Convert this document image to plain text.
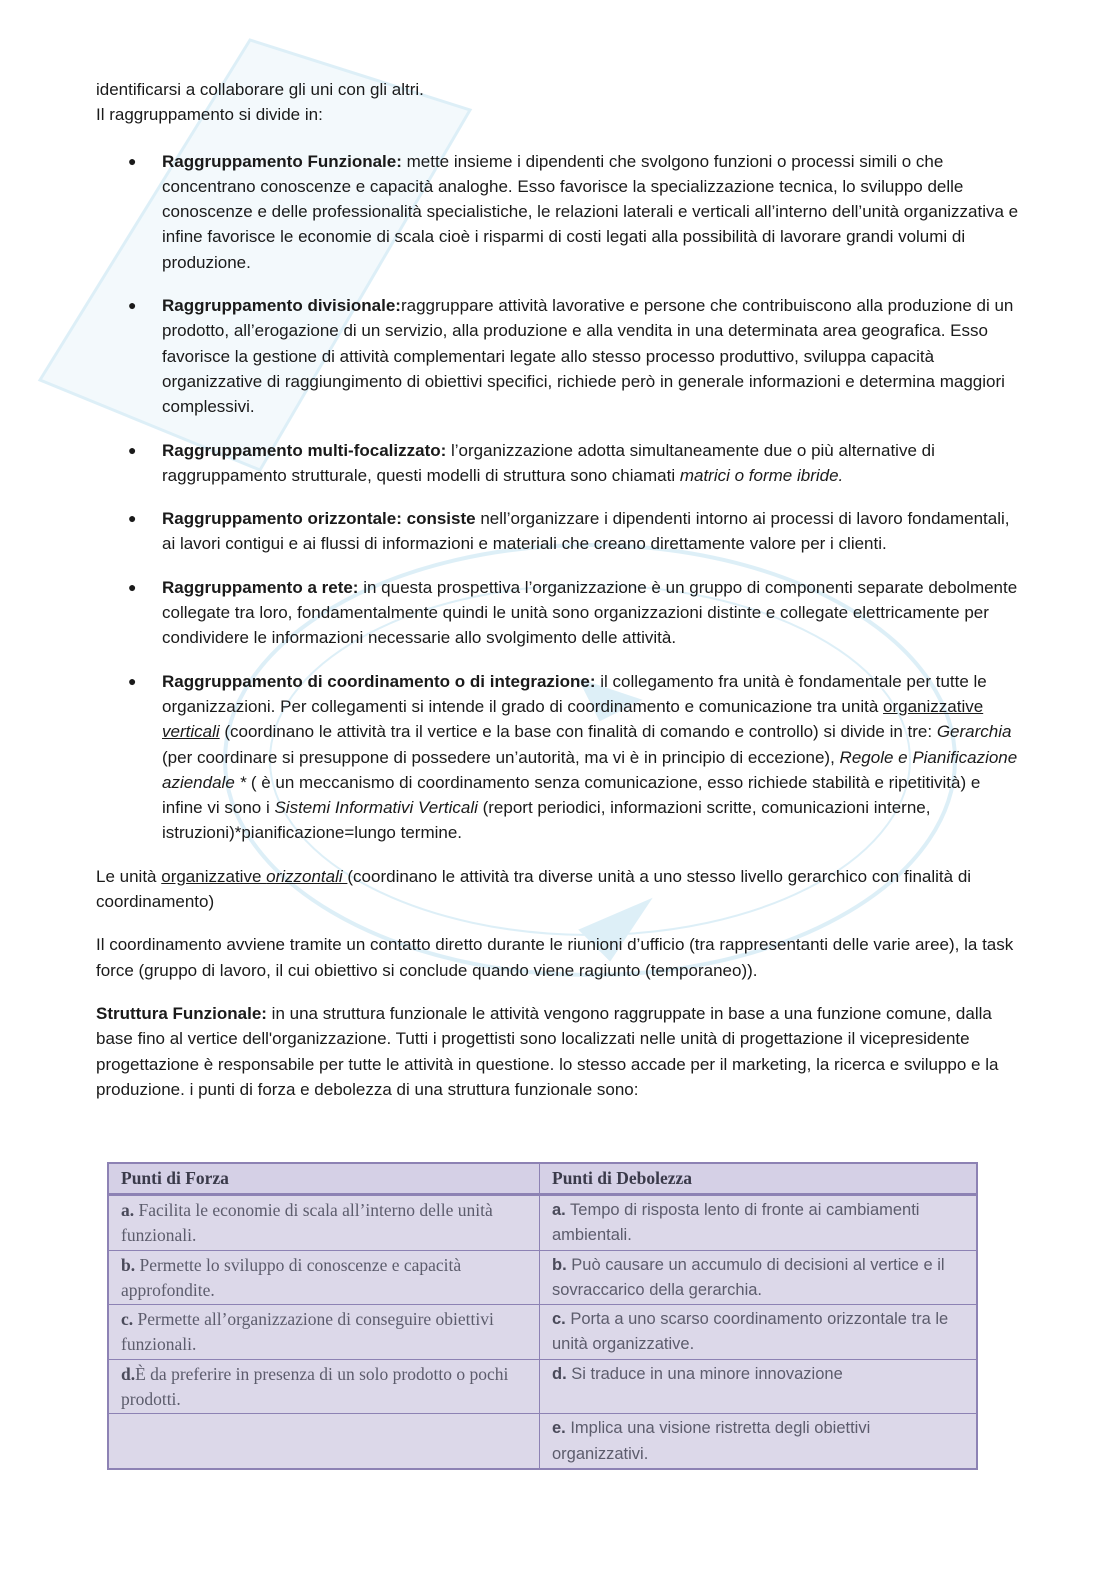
identificarsi a collaborare gli uni con gli altri.

Il raggruppamento si divide in:

● Raggruppamento Funzionale: mette insieme i dipendenti che svolgono funzioni o processi simili o che concentrano conoscenze e capacità analoghe. Esso favorisce la specializzazione tecnica, lo sviluppo delle conoscenze e delle professionalità specialistiche, le relazioni laterali e verticali all’interno dell’unità organizzativa e infine favorisce le economie di scala cioè i risparmi di costi legati alla possibilità di lavorare grandi volumi di produzione.
● Raggruppamento divisionale:raggruppare attività lavorative e persone che contribuiscono alla produzione di un prodotto, all’erogazione di un servizio, alla produzione e alla vendita in una determinata area geografica. Esso favorisce la gestione di attività complementari legate allo stesso processo produttivo, sviluppa capacità organizzative di raggiungimento di obiettivi specifici, richiede però in generale informazioni e determina maggiori complessivi.
● Raggruppamento multi-focalizzato: l’organizzazione adotta simultaneamente due o più alternative di raggruppamento strutturale, questi modelli di struttura sono chiamati matrici o forme ibride.
● Raggruppamento orizzontale: consiste nell’organizzare i dipendenti intorno ai processi di lavoro fondamentali, ai lavori contigui e ai flussi di informazioni e materiali che creano direttamente valore per i clienti.
● Raggruppamento a rete: in questa prospettiva l’organizzazione è un gruppo di componenti separate debolmente collegate tra loro, fondamentalmente quindi le unità sono organizzazioni distinte e collegate elettricamente per condividere le informazioni necessarie allo svolgimento delle attività.
● Raggruppamento di coordinamento o di integrazione: il collegamento fra unità è fondamentale per tutte le organizzazioni. Per collegamenti si intende il grado di coordinamento e comunicazione tra unità organizzative verticali (coordinano le attività tra il vertice e la base con finalità di comando e controllo) si divide in tre: Gerarchia (per coordinare si presuppone di possedere un’autorità, ma vi è in principio di eccezione), Regole e Pianificazione aziendale * ( è un meccanismo di coordinamento senza comunicazione, esso richiede stabilità e ripetitività) e infine vi sono i Sistemi Informativi Verticali (report periodici, informazioni scritte, comunicazioni interne, istruzioni)*pianificazione=lungo termine.

Le unità organizzative orizzontali (coordinano le attività tra diverse unità a uno stesso livello gerarchico con finalità di coordinamento)

Il coordinamento avviene tramite un contatto diretto durante le riunioni d’ufficio (tra rappresentanti delle varie aree), la task force (gruppo di lavoro, il cui obiettivo si conclude quando viene ragiunto (temporaneo)).

Struttura Funzionale: in una struttura funzionale le attività vengono raggruppate in base a una funzione comune, dalla base fino al vertice dell'organizzazione. Tutti i progettisti sono localizzati nelle unità di progettazione il vicepresidente progettazione è responsabile per tutte le attività in questione. lo stesso accade per il marketing, la ricerca e sviluppo e la produzione. i punti di forza e debolezza di una struttura funzionale sono:

Punti di Forza	Punti di Debolezza
a. Facilita le economie di scala all’interno delle unità funzionali.	a. Tempo di risposta lento di fronte ai cambiamenti ambientali.
b. Permette lo sviluppo di conoscenze e capacità approfondite.	b. Può causare un accumulo di decisioni al vertice e il sovraccarico della gerarchia.
c. Permette all’organizzazione di conseguire obiettivi funzionali.	c. Porta a uno scarso coordinamento orizzontale tra le unità organizzative.
d.È da preferire in presenza di un solo prodotto o pochi prodotti.	d. Si traduce in una minore innovazione
	e. Implica una visione ristretta degli obiettivi organizzativi.
